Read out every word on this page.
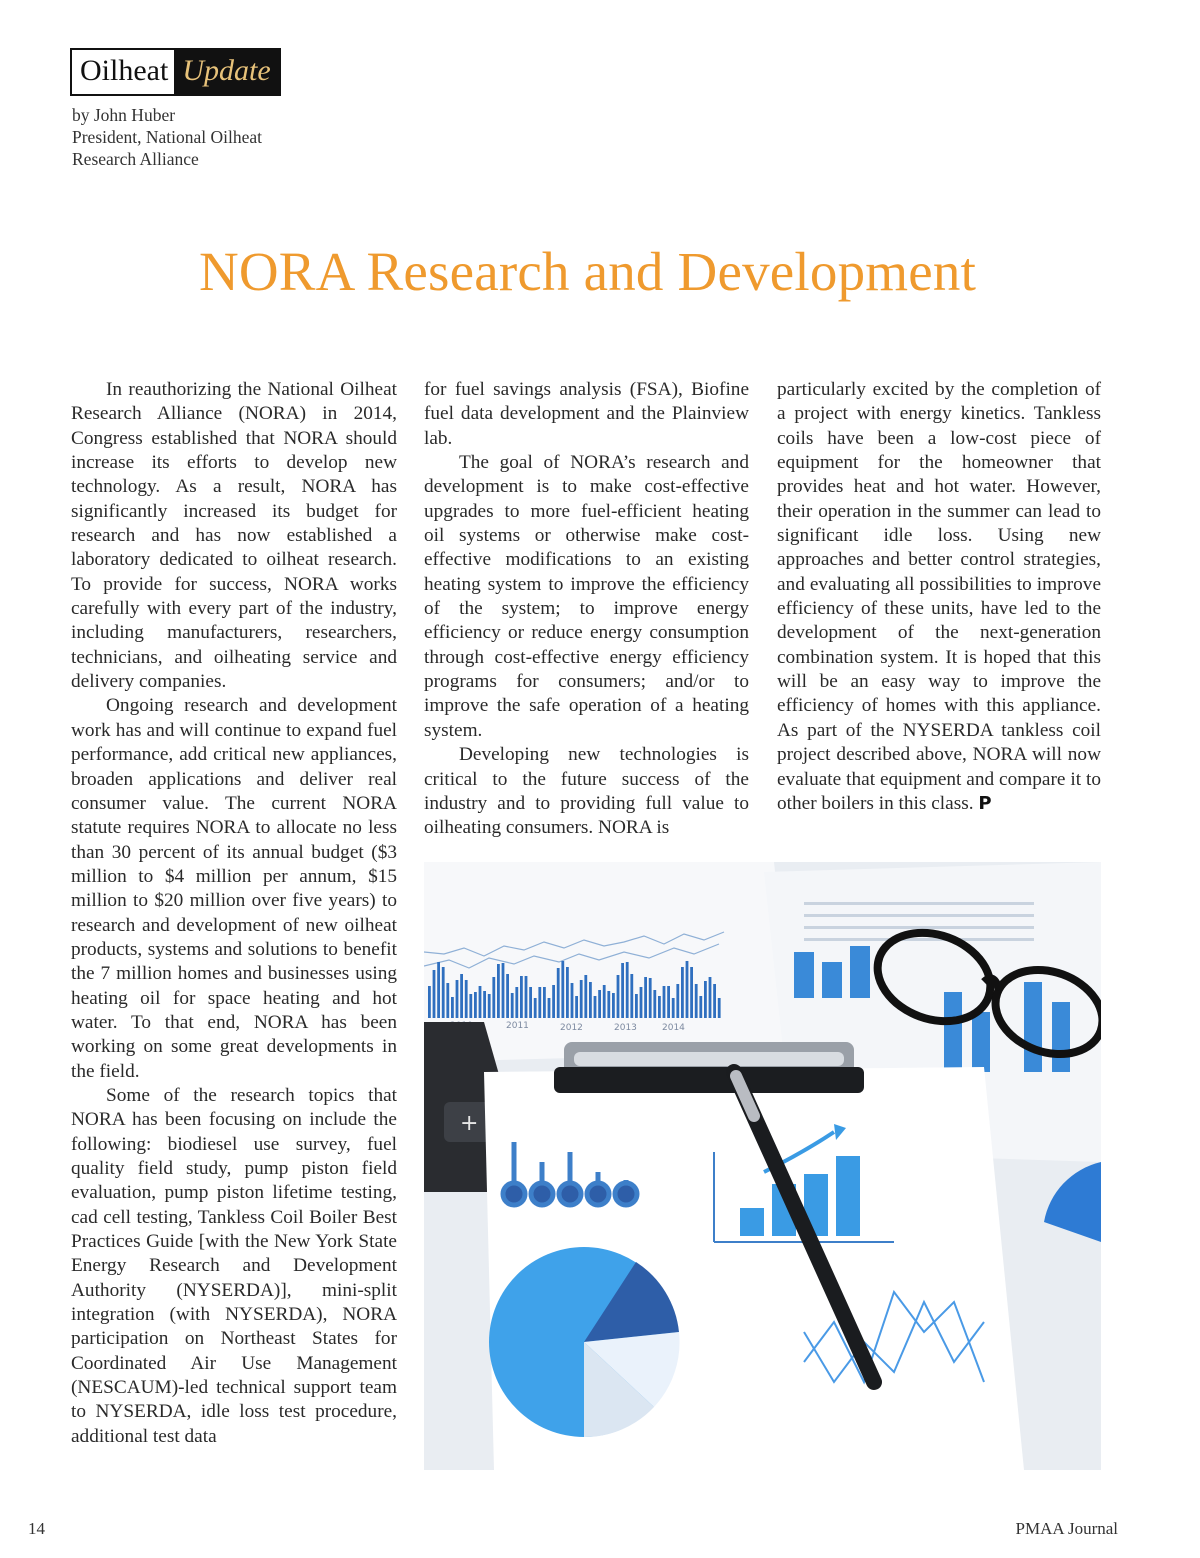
Oilheat Update
by John Huber
President, National Oilheat
Research Alliance
NORA Research and Development

In reauthorizing the National Oilheat Research Alliance (NORA) in 2014, Congress established that NORA should increase its efforts to develop new technology. As a result, NORA has significantly increased its budget for research and has now established a laboratory dedicated to oilheat research. To provide for success, NORA works carefully with every part of the industry, including manufacturers, researchers, technicians, and oilheating service and delivery companies.

Ongoing research and development work has and will continue to expand fuel performance, add critical new appliances, broaden applications and deliver real consumer value. The current NORA statute requires NORA to allocate no less than 30 percent of its annual budget ($3 million to $4 million per annum, $15 million to $20 million over five years) to research and development of new oilheat products, systems and solutions to benefit the 7 million homes and businesses using heating oil for space heating and hot water. To that end, NORA has been working on some great developments in the field.

Some of the research topics that NORA has been focusing on include the following: biodiesel use survey, fuel quality field study, pump piston field evaluation, pump piston lifetime testing, cad cell testing, Tankless Coil Boiler Best Practices Guide [with the New York State Energy Research and Development Authority (NYSERDA)], mini-split integration (with NYSERDA), NORA participation on Northeast States for Coordinated Air Use Management (NESCAUM)-led technical support team to NYSERDA, idle loss test procedure, additional test data

for fuel savings analysis (FSA), Biofine fuel data development and the Plainview lab.

The goal of NORA’s research and development is to make cost-effective upgrades to more fuel-efficient heating oil systems or otherwise make cost-effective modifications to an existing heating system to improve the efficiency of the system; to improve energy efficiency or reduce energy consumption through cost-effective energy efficiency programs for consumers; and/or to improve the safe operation of a heating system.

Developing new technologies is critical to the future success of the industry and to providing full value to oilheating consumers. NORA is

particularly excited by the completion of a project with energy kinetics. Tankless coils have been a low-cost piece of equipment for the homeowner that provides heat and hot water. However, their operation in the summer can lead to significant idle loss. Using new approaches and better control strategies, and evaluating all possibilities to improve efficiency of these units, have led to the development of the next-generation combination system. It is hoped that this will be an easy way to improve the efficiency of homes with this appliance. As part of the NYSERDA tankless coil project described above, NORA will now evaluate that equipment and compare it to other boilers in this class. P

2011	2012	2013	2014
+
14	PMAA Journal
